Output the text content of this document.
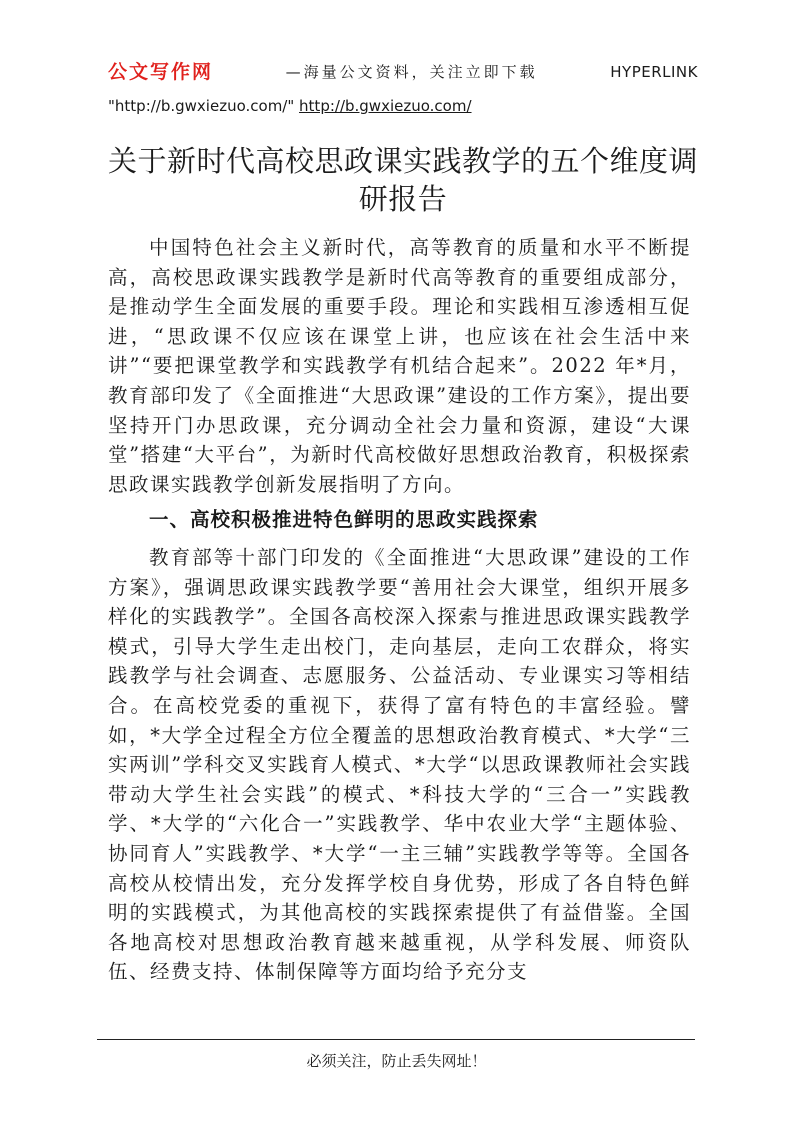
公文写作网	—海量公文资料，关注立即下载	HYPERLINK
"http://b.gwxiezuo.com/" http://b.gwxiezuo.com/
关于新时代高校思政课实践教学的五个维度调研报告

中国特色社会主义新时代，高等教育的质量和水平不断提高，高校思政课实践教学是新时代高等教育的重要组成部分，是推动学生全面发展的重要手段。理论和实践相互渗透相互促进，“思政课不仅应该在课堂上讲，也应该在社会生活中来讲”“要把课堂教学和实践教学有机结合起来”。2022 年*月，教育部印发了《全面推进“大思政课”建设的工作方案》，提出要坚持开门办思政课，充分调动全社会力量和资源，建设“大课堂”搭建“大平台”，为新时代高校做好思想政治教育，积极探索思政课实践教学创新发展指明了方向。

一、高校积极推进特色鲜明的思政实践探索

教育部等十部门印发的《全面推进“大思政课”建设的工作方案》，强调思政课实践教学要“善用社会大课堂，组织开展多样化的实践教学”。全国各高校深入探索与推进思政课实践教学模式，引导大学生走出校门，走向基层，走向工农群众，将实践教学与社会调查、志愿服务、公益活动、专业课实习等相结合。在高校党委的重视下，获得了富有特色的丰富经验。譬如，*大学全过程全方位全覆盖的思想政治教育模式、*大学“三实两训”学科交叉实践育人模式、*大学“以思政课教师社会实践带动大学生社会实践”的模式、*科技大学的“三合一”实践教学、*大学的“六化合一”实践教学、华中农业大学“主题体验、协同育人”实践教学、*大学“一主三辅”实践教学等等。全国各高校从校情出发，充分发挥学校自身优势，形成了各自特色鲜明的实践模式，为其他高校的实践探索提供了有益借鉴。全国各地高校对思想政治教育越来越重视，从学科发展、师资队伍、经费支持、体制保障等方面均给予充分支

必须关注，防止丢失网址！
